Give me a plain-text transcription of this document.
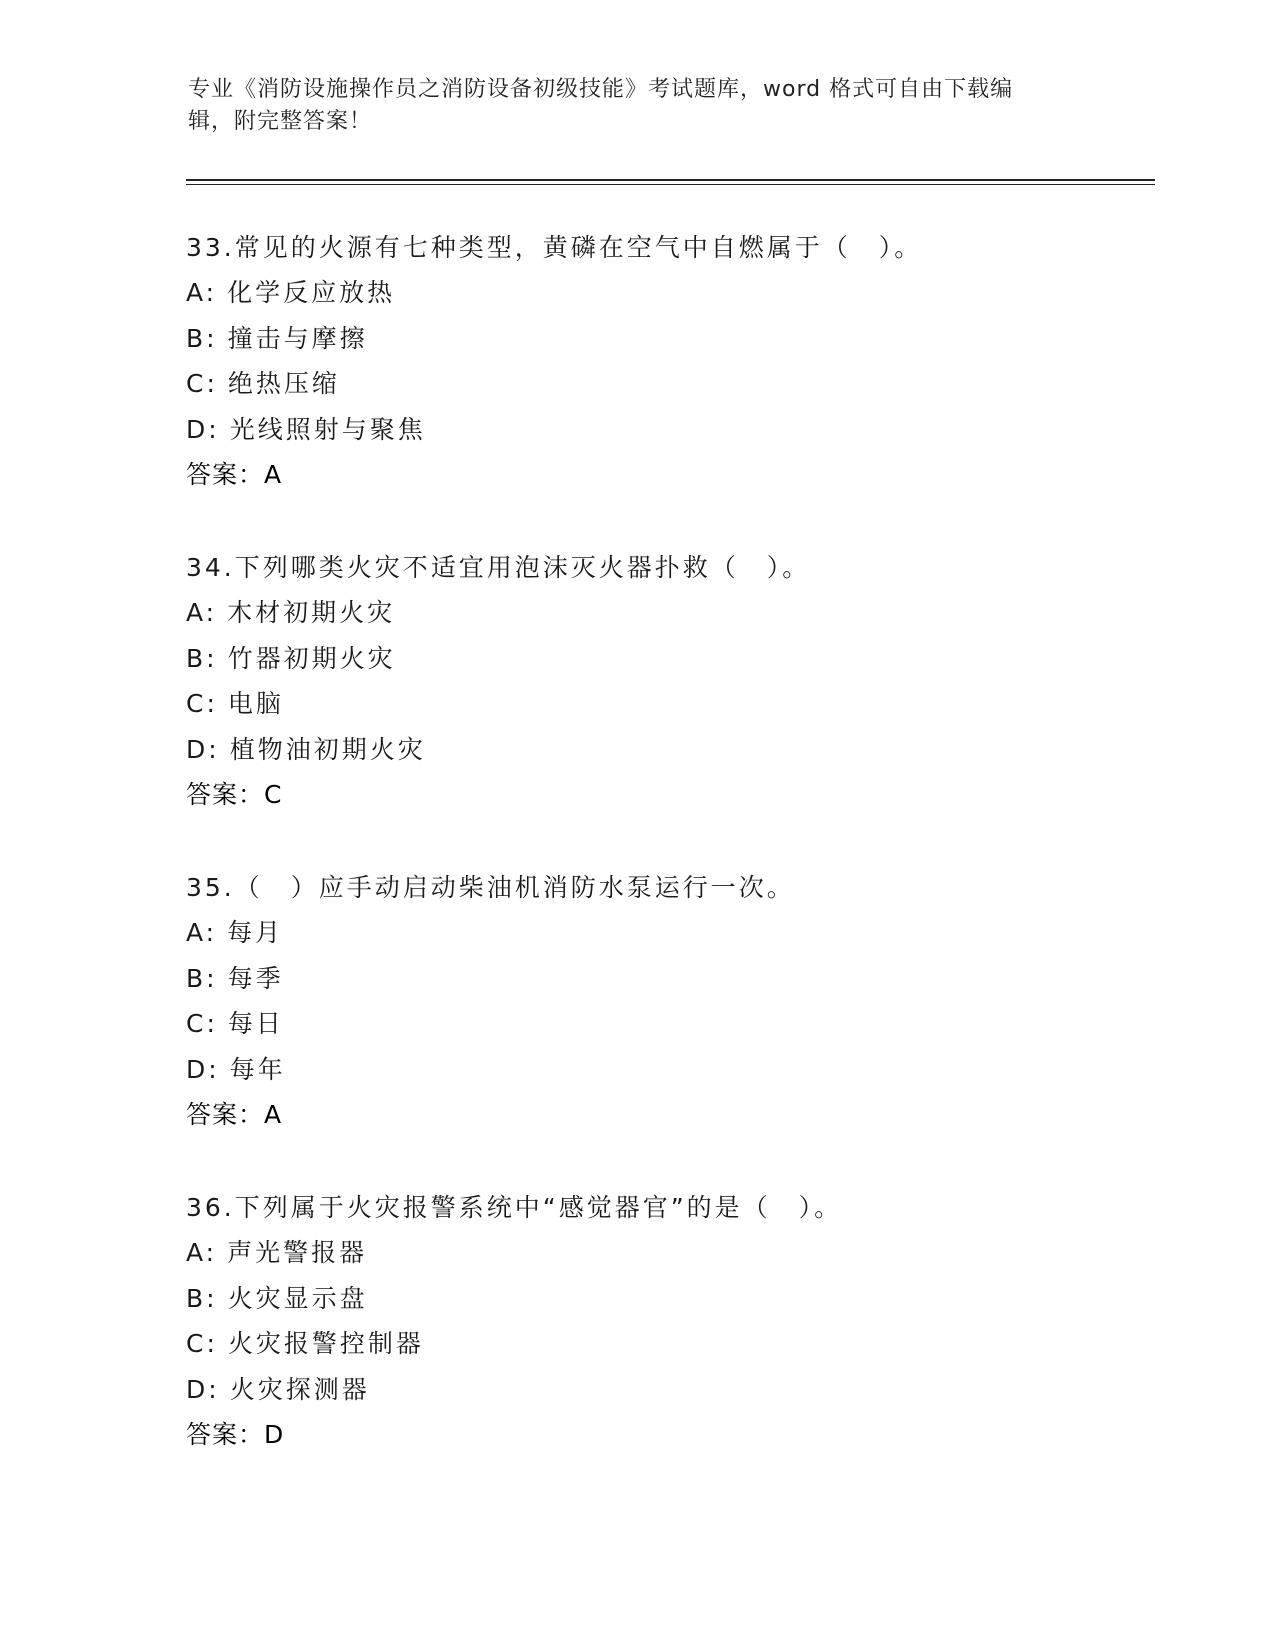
专业《消防设施操作员之消防设备初级技能》考试题库，word 格式可自由下载编
辑，附完整答案！
33.常见的火源有七种类型，黄磷在空气中自燃属于（　）。
A: 化学反应放热
B: 撞击与摩擦
C: 绝热压缩
D: 光线照射与聚焦
答案：A
34.下列哪类火灾不适宜用泡沫灭火器扑救（　）。
A: 木材初期火灾
B: 竹器初期火灾
C: 电脑
D: 植物油初期火灾
答案：C
35.（　）应手动启动柴油机消防水泵运行一次。
A: 每月
B: 每季
C: 每日
D: 每年
答案：A
36.下列属于火灾报警系统中“感觉器官”的是（　）。
A: 声光警报器
B: 火灾显示盘
C: 火灾报警控制器
D: 火灾探测器
答案：D
